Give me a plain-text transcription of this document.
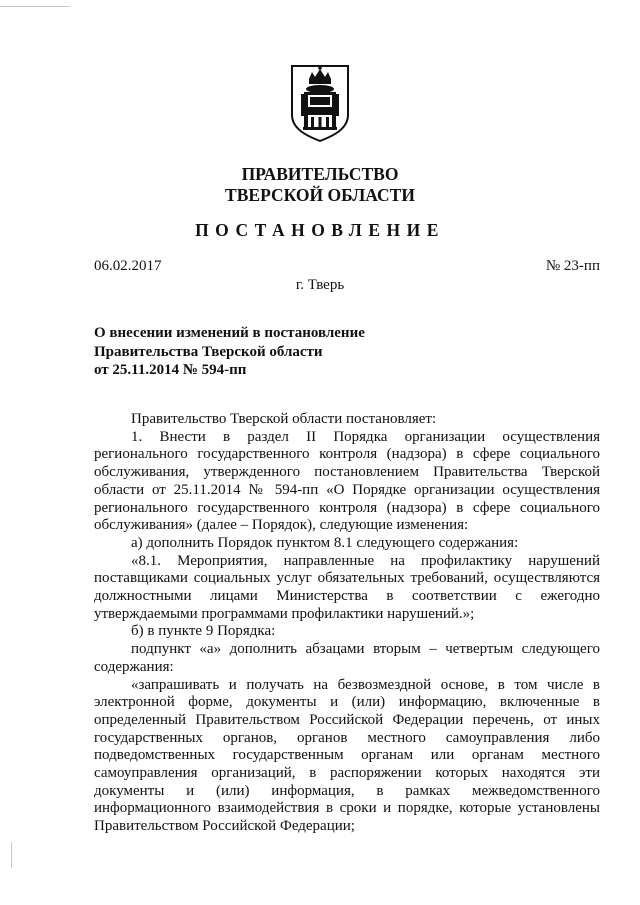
ПРАВИТЕЛЬСТВО
ТВЕРСКОЙ ОБЛАСТИ
ПОСТАНОВЛЕНИЕ
06.02.2017	№ 23-пп
г. Тверь
О внесении изменений в постановление
Правительства Тверской области
от 25.11.2014 № 594-пп

Правительство Тверской области постановляет:

1. Внести в раздел II Порядка организации осуществления регионального государственного контроля (надзора) в сфере социального обслуживания, утвержденного постановлением Правительства Тверской области от 25.11.2014 № 594-пп «О Порядке организации осуществления регионального государственного контроля (надзора) в сфере социального обслуживания» (далее – Порядок), следующие изменения:

а) дополнить Порядок пунктом 8.1 следующего содержания:

«8.1. Мероприятия, направленные на профилактику нарушений поставщиками социальных услуг обязательных требований, осуществляются должностными лицами Министерства в соответствии с ежегодно утверждаемыми программами профилактики нарушений.»;

б) в пункте 9 Порядка:

подпункт «а» дополнить абзацами вторым – четвертым следующего содержания:

«запрашивать и получать на безвозмездной основе, в том числе в электронной форме, документы и (или) информацию, включенные в определенный Правительством Российской Федерации перечень, от иных государственных органов, органов местного самоуправления либо подведомственных государственным органам или органам местного самоуправления организаций, в распоряжении которых находятся эти документы и (или) информация, в рамках межведомственного информационного взаимодействия в сроки и порядке, которые установлены Правительством Российской Федерации;
